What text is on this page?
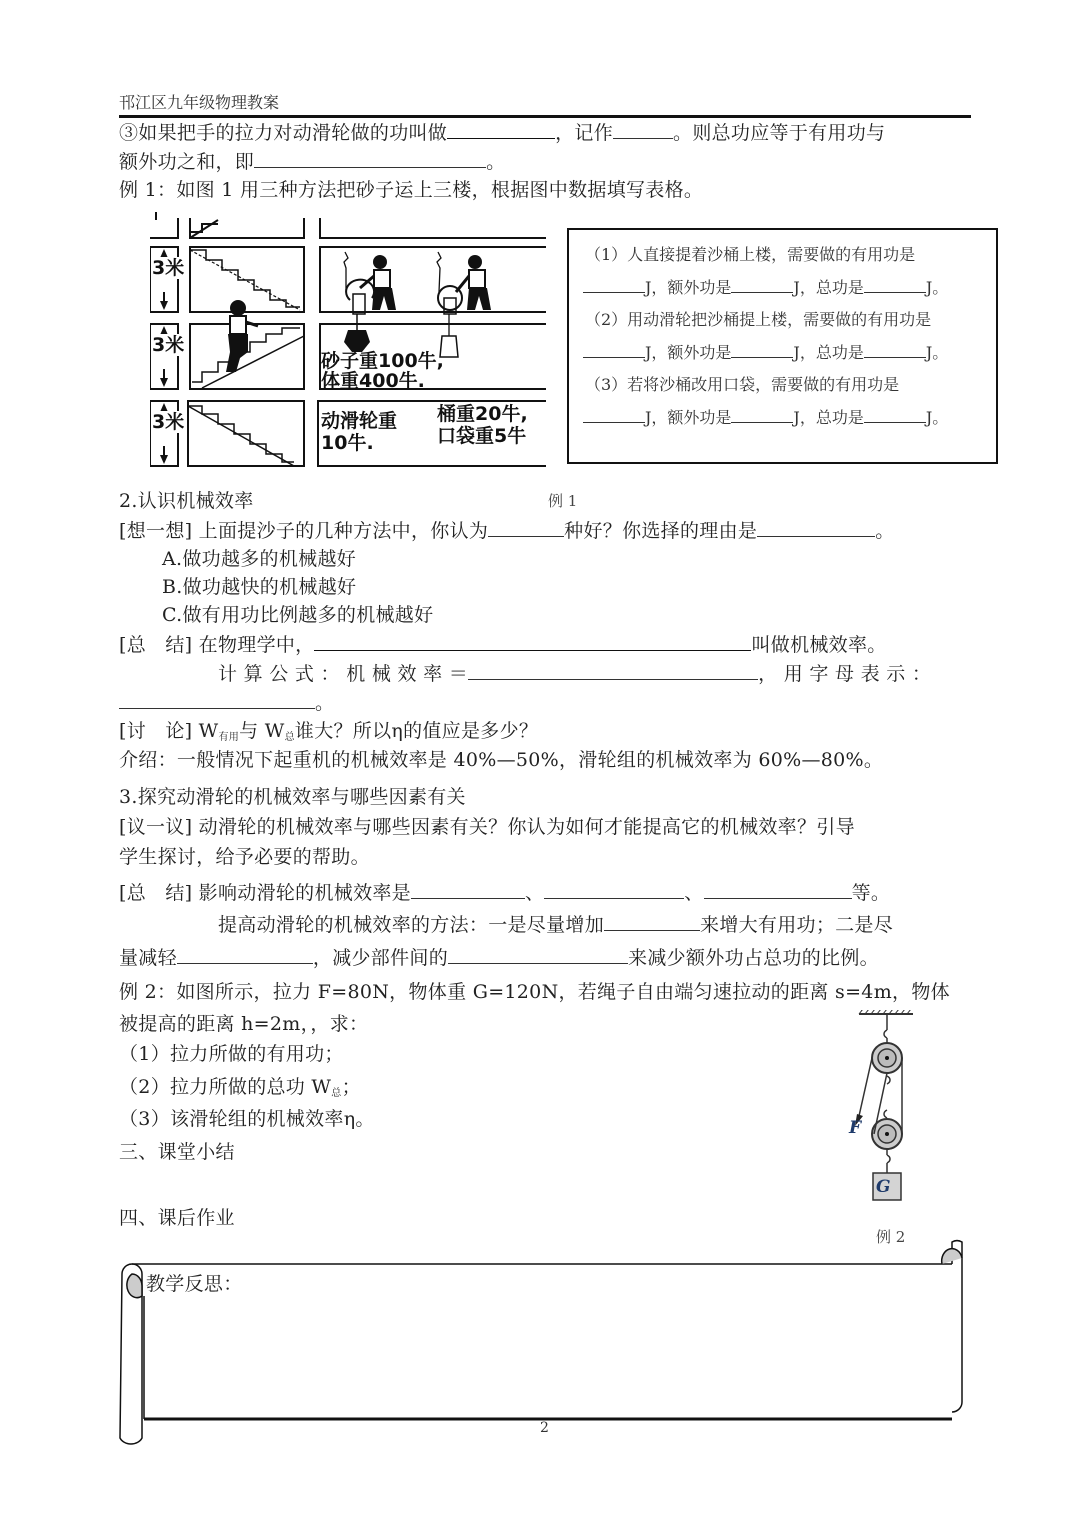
邗江区九年级物理教案
③如果把手的拉力对动滑轮做的功叫做	，记作	。则总功应等于有用功与
额外功之和，即	。
例 1：如图 1 用三种方法把砂子运上三楼，根据图中数据填写表格。
3米
3米
3米
砂子重100牛,
体重400牛.
动滑轮重
10牛.
桶重20牛,
口袋重5牛
（1）人直接提着沙桶上楼，需要做的有用功是
J，额外功是	J，总功是	J。
（2）用动滑轮把沙桶提上楼，需要做的有用功是
J，额外功是	J，总功是	J。
（3）若将沙桶改用口袋，需要做的有用功是
J，额外功是	J，总功是	J。
2.认识机械效率	例 1
[想一想] 上面提沙子的几种方法中，你认为	种好？你选择的理由是	。
A.做功越多的机械越好
B.做功越快的机械越好
C.做有用功比例越多的机械越好
[总　结] 在物理学中，	叫做机械效率。
计 算 公 式 ： 机 械 效 率 ＝	， 用 字 母 表 示 ：
。
[讨　论] W有用与 W总谁大？所以η的值应是多少？
介绍：一般情况下起重机的机械效率是 40%—50%，滑轮组的机械效率为 60%—80%。
3.探究动滑轮的机械效率与哪些因素有关
[议一议] 动滑轮的机械效率与哪些因素有关？你认为如何才能提高它的机械效率？引导
学生探讨，给予必要的帮助。
[总　结] 影响动滑轮的机械效率是	、	、	等。
提高动滑轮的机械效率的方法：一是尽量增加	来增大有用功；二是尽
量减轻	，减少部件间的	来减少额外功占总功的比例。
例 2：如图所示，拉力 F=80N，物体重 G=120N，若绳子自由端匀速拉动的距离 s=4m，物体
被提高的距离 h=2m，，求：
（1）拉力所做的有用功；
（2）拉力所做的总功 W总；
（3）该滑轮组的机械效率η。
三、课堂小结
四、课后作业
F
G
例 2
教学反思：
2
